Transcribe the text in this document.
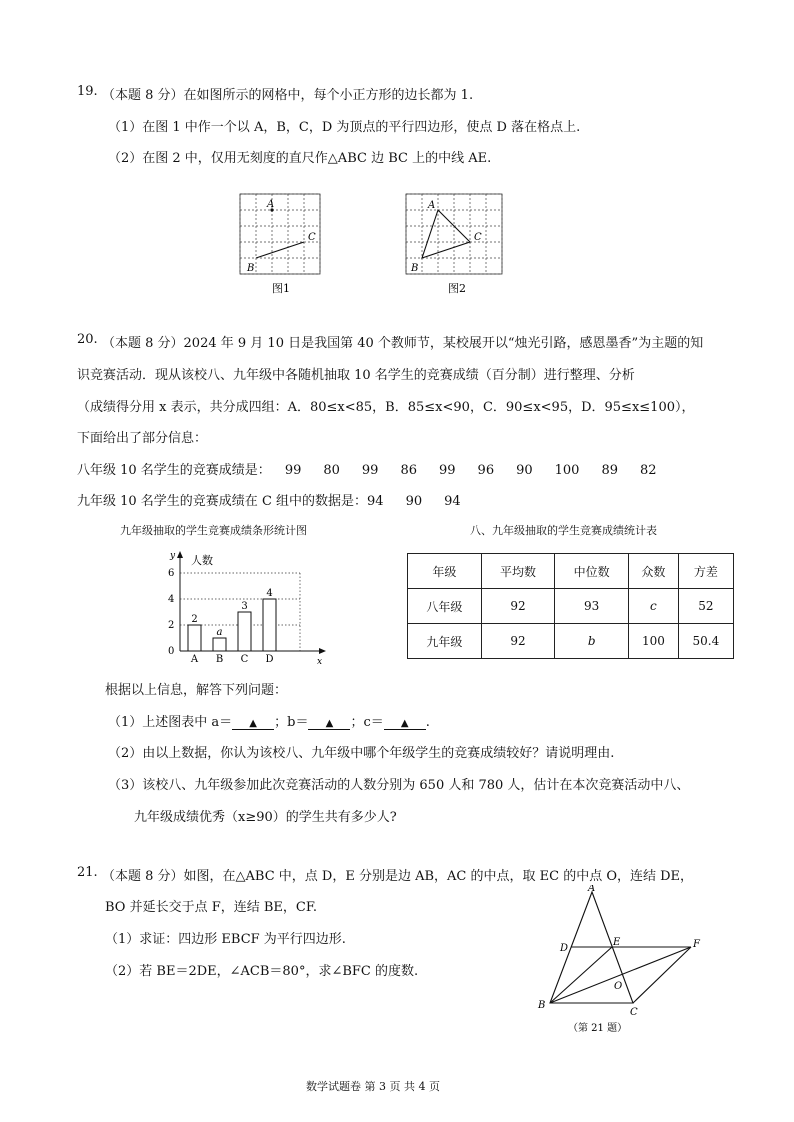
19. （本题 8 分）在如图所示的网格中，每个小正方形的边长都为 1.
（1）在图 1 中作一个以 A，B，C，D 为顶点的平行四边形，使点 D 落在格点上.
（2）在图 2 中，仅用无刻度的直尺作△ABC 边 BC 上的中线 AE.
A
B
C
图1
A
B
C
图2
20. （本题 8 分）2024 年 9 月 10 日是我国第 40 个教师节，某校展开以“烛光引路，感恩墨香”为主题的知
识竞赛活动．现从该校八、九年级中各随机抽取 10 名学生的竞赛成绩（百分制）进行整理、分析
（成绩得分用 x 表示，共分成四组：A．80≤x<85，B．85≤x<90，C．90≤x<95，D．95≤x≤100），
下面给出了部分信息：
八年级 10 名学生的竞赛成绩是： 99 80 99 86 99 96 90 100 89 82
九年级 10 名学生的竞赛成绩在 C 组中的数据是：94 90 94
九年级抽取的学生竞赛成绩条形统计图	八、九年级抽取的学生竞赛成绩统计表
y 人数
x
0
2
4
6
2
A
a
B
3
C
4
D
年级	平均数	中位数	众数	方差
八年级	92	93	c	52
九年级	92	b	100	50.4
根据以上信息，解答下列问题：
（1）上述图表中 a＝ ▲ ；b＝ ▲ ；c＝ ▲ .
（2）由以上数据，你认为该校八、九年级中哪个年级学生的竞赛成绩较好？请说明理由.
（3）该校八、九年级参加此次竞赛活动的人数分别为 650 人和 780 人，估计在本次竞赛活动中八、
九年级成绩优秀（x≥90）的学生共有多少人?
21. （本题 8 分）如图，在△ABC 中，点 D，E 分别是边 AB，AC 的中点，取 EC 的中点 O，连结 DE，
BO 并延长交于点 F，连结 BE，CF.
（1）求证：四边形 EBCF 为平行四边形.
（2）若 BE＝2DE，∠ACB＝80°，求∠BFC 的度数.
A
B
C
D
E	F
O
（第 21 题）
数学试题卷 第 3 页 共 4 页
